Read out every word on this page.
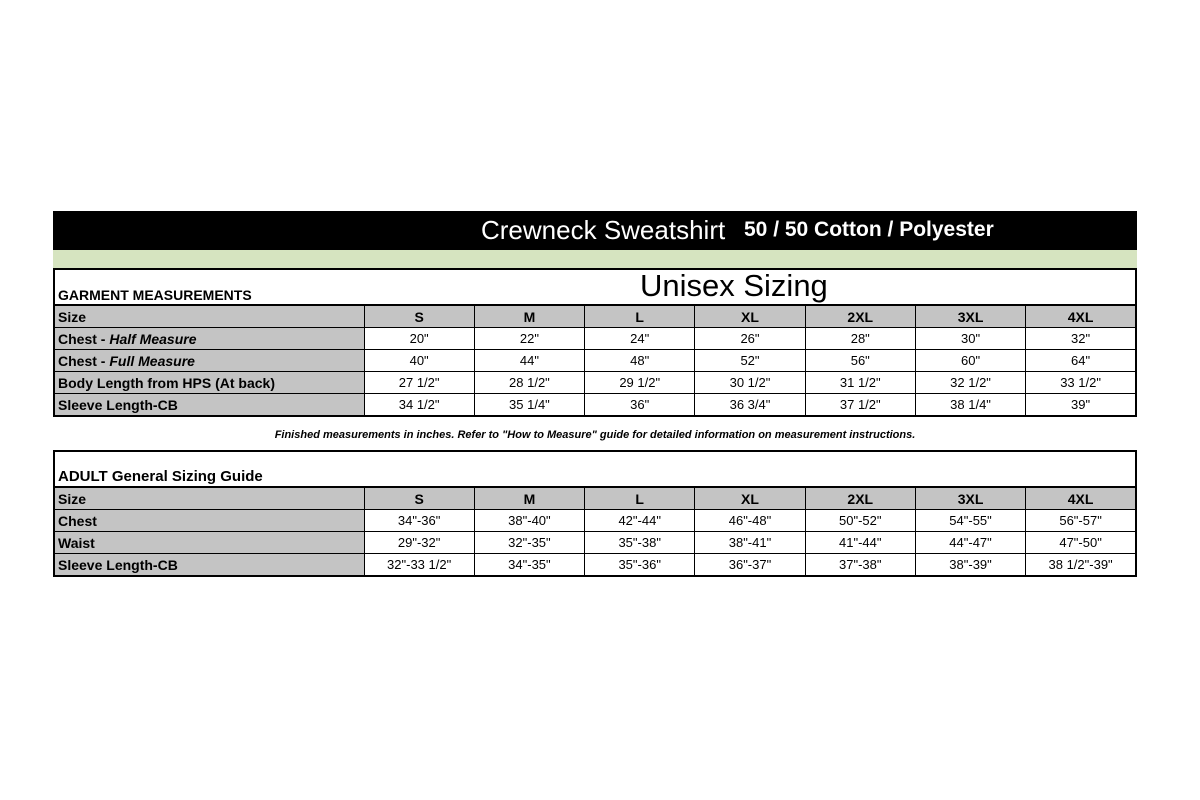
Crewneck Sweatshirt 50 / 50 Cotton / Polyester
GARMENT MEASUREMENTS	Unisex Sizing
Size	S	M	L	XL	2XL	3XL	4XL
Chest - Half Measure	20"	22"	24"	26"	28"	30"	32"
Chest - Full Measure	40"	44"	48"	52"	56"	60"	64"
Body Length from HPS (At back)	27 1/2"	28 1/2"	29 1/2"	30 1/2"	31 1/2"	32 1/2"	33 1/2"
Sleeve Length-CB	34 1/2"	35 1/4"	36"	36 3/4"	37 1/2"	38 1/4"	39"
Finished measurements in inches. Refer to "How to Measure" guide for detailed information on measurement instructions.
ADULT General Sizing Guide
Size	S	M	L	XL	2XL	3XL	4XL
Chest	34"-36"	38"-40"	42"-44"	46"-48"	50"-52"	54"-55"	56"-57"
Waist	29"-32"	32"-35"	35"-38"	38"-41"	41"-44"	44"-47"	47"-50"
Sleeve Length-CB	32"-33 1/2"	34"-35"	35"-36"	36"-37"	37"-38"	38"-39"	38 1/2"-39"
